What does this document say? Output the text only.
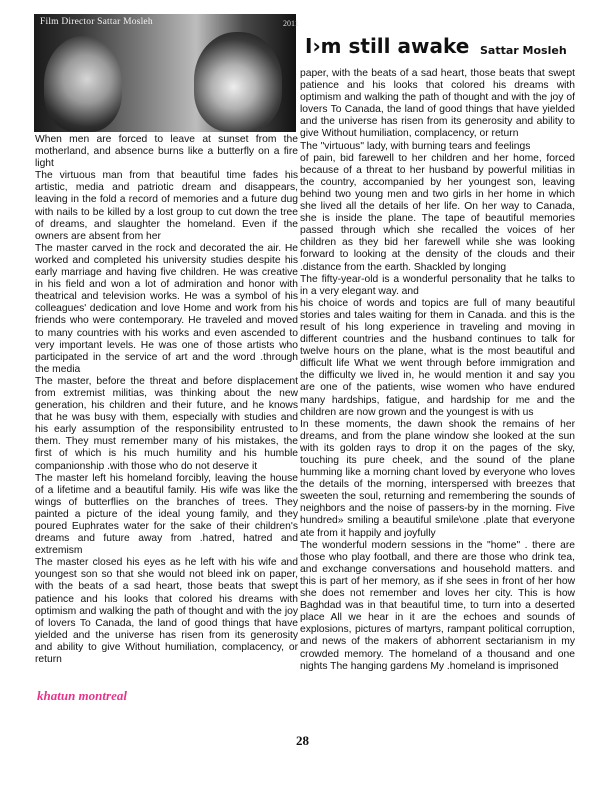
Film Director Sattar Mosleh	2011
I›m still awake Sattar Mosleh

When men are forced to leave at sunset from the motherland, and absence burns like a butterfly on a fire light

The virtuous man from that beautiful time fades his artistic, media and patriotic dream and disappears, leaving in the fold a record of memories and a future dug with nails to be killed by a lost group to cut down the tree of dreams, and slaughter the homeland. Even if the owners are absent from her

The master carved in the rock and decorated the air. He worked and completed his university studies despite his early marriage and having five children. He was creative in his field and won a lot of admiration and honor with theatrical and television works. He was a symbol of his colleagues' dedication and love Home and work from his friends who were contemporary. He traveled and moved to many countries with his works and even ascended to very important levels. He was one of those artists who participated in the service of art and the word .through the media

The master, before the threat and before displacement from extremist militias, was thinking about the new generation, his children and their future, and he knows that he was busy with them, especially with studies and his early assumption of the responsibility entrusted to them. They must remember many of his mistakes, the first of which is his much humility and his humble companionship .with those who do not deserve it

The master left his homeland forcibly, leaving the house of a lifetime and a beautiful family. His wife was like the wings of butterflies on the branches of trees. They painted a picture of the ideal young family, and they poured Euphrates water for the sake of their children's dreams and future away from .hatred, hatred and extremism

The master closed his eyes as he left with his wife and youngest son so that she would not bleed ink on paper, with the beats of a sad heart, those beats that swept patience and his looks that colored his dreams with optimism and walking the path of thought and with the joy of lovers To Canada, the land of good things that have yielded and the universe has risen from its generosity and ability to give Without humiliation, complacency, or return

paper, with the beats of a sad heart, those beats that swept patience and his looks that colored his dreams with optimism and walking the path of thought and with the joy of lovers To Canada, the land of good things that have yielded and the universe has risen from its generosity and ability to give Without humiliation, complacency, or return

The "virtuous" lady, with burning tears and feelings

of pain, bid farewell to her children and her home, forced because of a threat to her husband by powerful militias in the country, accompanied by her youngest son, leaving behind two young men and two girls in her home in which she lived all the details of her life. On her way to Canada, she is inside the plane. The tape of beautiful memories passed through which she recalled the voices of her children as they bid her farewell while she was looking forward to looking at the density of the clouds and their .distance from the earth. Shackled by longing

The fifty-year-old is a wonderful personality that he talks to in a very elegant way. and

his choice of words and topics are full of many beautiful stories and tales waiting for them in Canada. and this is the result of his long experience in traveling and moving in different countries and the husband continues to talk for twelve hours on the plane, what is the most beautiful and difficult life What we went through before immigration and the difficulty we lived in, he would mention it and say you are one of the patients, wise women who have endured many hardships, fatigue, and hardship for me and the children are now grown and the youngest is with us

In these moments, the dawn shook the remains of her dreams, and from the plane window she looked at the sun with its golden rays to drop it on the pages of the sky, touching its pure cheek, and the sound of the plane humming like a morning chant loved by everyone who loves the details of the morning, interspersed with breezes that sweeten the soul, returning and remembering the sounds of neighbors and the noise of passers-by in the morning. Five hundred» smiling a beautiful smile\one .plate that everyone ate from it happily and joyfully

The wonderful modern sessions in the "home" . there are those who play football, and there are those who drink tea, and exchange conversations and household matters. and this is part of her memory, as if she sees in front of her how she does not remember and loves her city. This is how Baghdad was in that beautiful time, to turn into a deserted place All we hear in it are the echoes and sounds of explosions, pictures of martyrs, rampant political corruption, and news of the makers of abhorrent sectarianism in my crowded memory. The homeland of a thousand and one nights The hanging gardens My .homeland is imprisoned

khatun montreal
28
